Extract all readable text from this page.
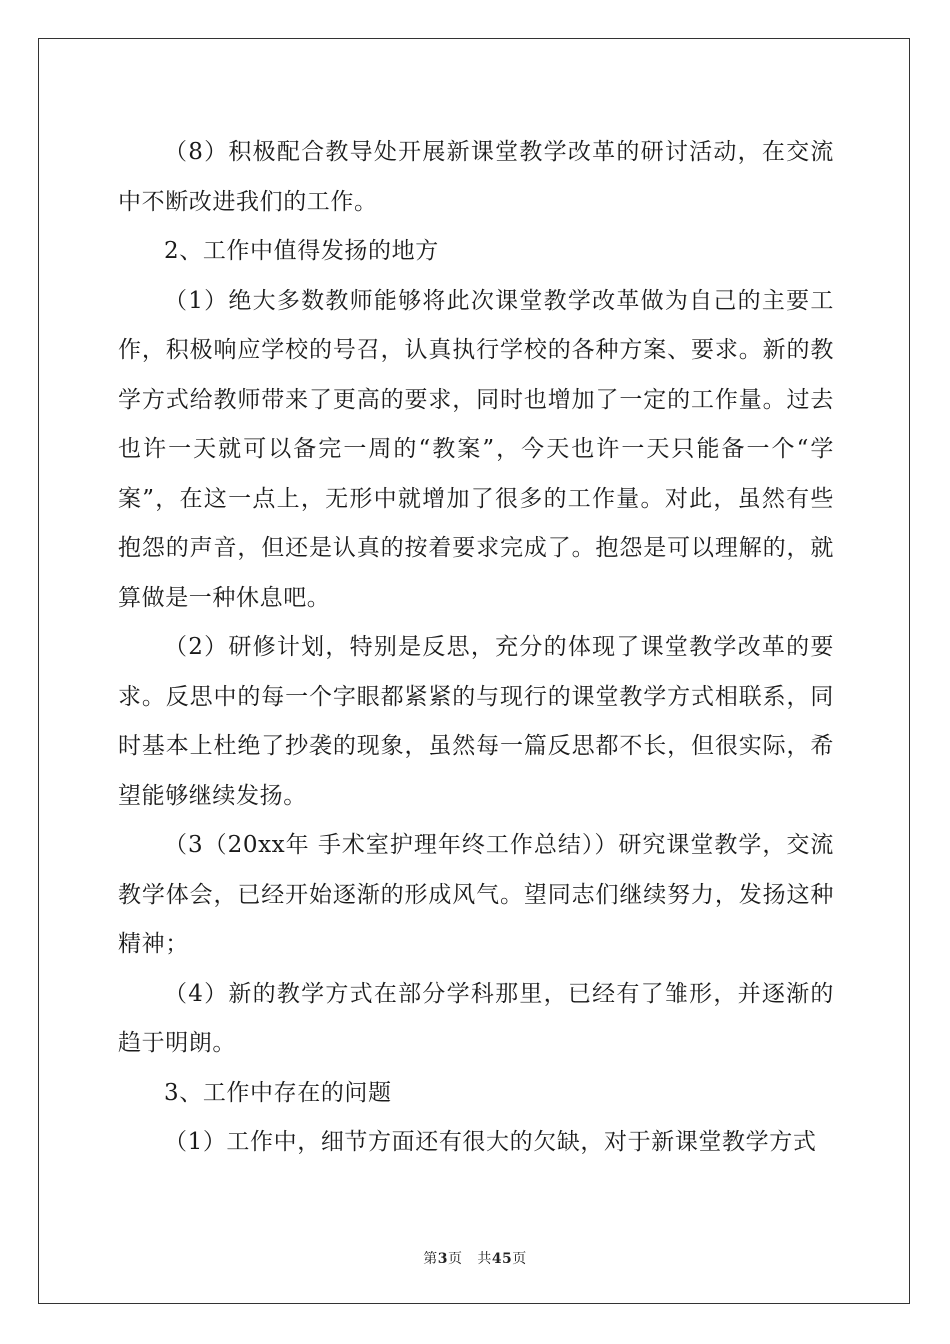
（8）积极配合教导处开展新课堂教学改革的研讨活动，在交流中不断改进我们的工作。

2、工作中值得发扬的地方

（1）绝大多数教师能够将此次课堂教学改革做为自己的主要工作，积极响应学校的号召，认真执行学校的各种方案、要求。新的教学方式给教师带来了更高的要求，同时也增加了一定的工作量。过去也许一天就可以备完一周的“教案”，今天也许一天只能备一个“学案”，在这一点上，无形中就增加了很多的工作量。对此，虽然有些抱怨的声音，但还是认真的按着要求完成了。抱怨是可以理解的，就算做是一种休息吧。

（2）研修计划，特别是反思，充分的体现了课堂教学改革的要求。反思中的每一个字眼都紧紧的与现行的课堂教学方式相联系，同时基本上杜绝了抄袭的现象，虽然每一篇反思都不长，但很实际，希望能够继续发扬。

（3（20xx年 手术室护理年终工作总结））研究课堂教学，交流教学体会，已经开始逐渐的形成风气。望同志们继续努力，发扬这种精神；

（4）新的教学方式在部分学科那里，已经有了雏形，并逐渐的趋于明朗。

3、工作中存在的问题

（1）工作中，细节方面还有很大的欠缺，对于新课堂教学方式

第3页 共45页
